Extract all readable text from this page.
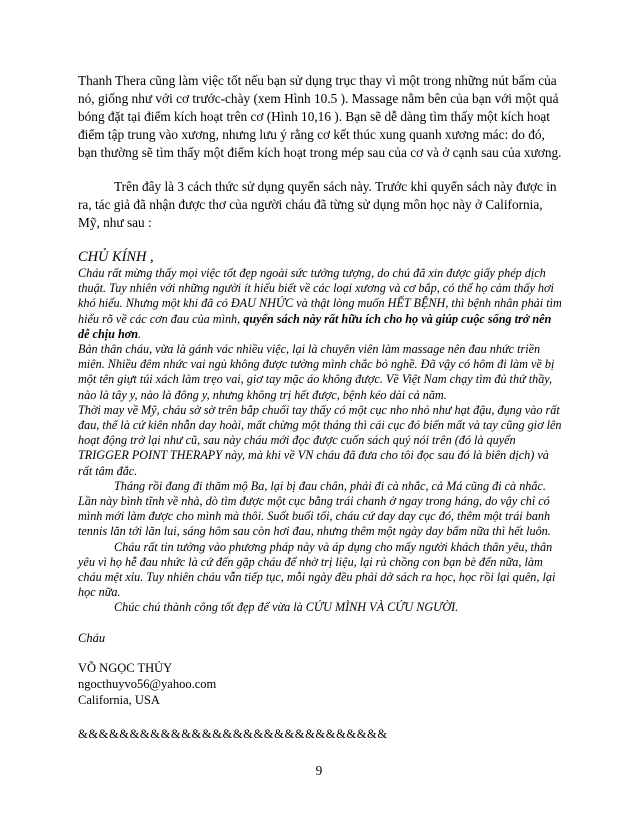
Thanh Thera cũng làm việc tốt nếu bạn sử dụng trục thay vì một trong những nút bấm của nó, giống như với cơ trước-chày (xem Hình 10.5 ). Massage nằm bên của bạn với một quả bóng đặt tại điểm kích hoạt trên cơ (Hình 10,16 ). Bạn sẽ dễ dàng tìm thấy một kích hoạt điểm tập trung vào xương, nhưng lưu ý rằng cơ kết thúc xung quanh xương mác: do đó, bạn thường sẽ tìm thấy một điểm kích hoạt trong mép sau của cơ và ở cạnh sau của xương.

Trên đây là 3 cách thức sử dụng quyển sách này. Trước khi quyển sách này được in ra, tác giả đã nhận được thơ của người cháu đã từng sử dụng môn học này ở California, Mỹ, như sau :

CHỦ KÍNH ,

Cháu rất mừng thấy mọi việc tốt đẹp ngoài sức tưởng tượng, do chú đã xin được giấy phép dịch thuật. Tuy nhiên với những người ít hiểu biết về các loại xương và cơ bắp, có thể họ cảm thấy hơi khó hiểu. Nhưng một khi đã có ĐAU NHỨC và thật lòng muốn HẾT BỆNH, thì bệnh nhân phải tìm hiểu rõ về các cơn đau của mình, quyển sách này rất hữu ích cho họ và giúp cuộc sống trở nên dễ chịu hơn.

Bản thân cháu, vừa là gánh vác nhiều việc, lại là chuyên viên làm massage nên đau nhức triền miên. Nhiều đêm nhức vai ngủ không được tưởng mình chắc bỏ nghề. Đã vậy có hôm đi làm về bị một tên giựt túi xách làm trẹo vai, giơ tay mặc áo không được. Về Việt Nam chạy tìm đủ thứ thầy, nào là tây y, nào là đông y, nhưng không trị hết được, bệnh kéo dài cả năm.

Thời may về Mỹ, cháu sờ sờ trên bắp chuối tay thấy có một cục nho nhỏ như hạt đậu, đụng vào rất đau, thế là cứ kiên nhẫn day hoài, mất chừng một tháng thì cái cục đó biến mất và tay cũng giơ lên hoạt động trở lại như cũ, sau này cháu mới đọc được cuốn sách quý nói trên (đó là quyển TRIGGER POINT THERAPY này, mà khi về VN cháu đã đưa cho tôi đọc sau đó là biên dịch) và rất tâm đắc.

Tháng rồi đang đi thăm mộ Ba, lại bị đau chân, phải đi cà nhắc, cả Má cũng đi cà nhắc. Lần này bình tĩnh về nhà, dò tìm được một cục bằng trái chanh ở ngay trong háng, do vậy chỉ có mình mới làm được cho mình mà thôi. Suốt buổi tối, cháu cứ day day cục đó, thêm một trái banh tennis lăn tới lăn lui, sáng hôm sau còn hơi đau, nhưng thêm một ngày day bấm nữa thì hết luôn.

Cháu rất tin tưởng vào phương pháp này và áp dụng cho mấy người khách thân yêu, thân yêu vì họ hễ đau nhức là cứ đến gặp cháu để nhờ trị liệu, lại rủ chồng con bạn bè đến nữa, làm cháu mệt xỉu. Tuy nhiên cháu vẫn tiếp tục, mỗi ngày đều phải dở sách ra học, học rồi lại quên, lại học nữa.

Chúc chú thành công tốt đẹp để vừa là CỨU MÌNH VÀ CỨU NGƯỜI.

Cháu
VÕ NGỌC THỦY
ngocthuyvo56@yahoo.com
California, USA
&&&&&&&&&&&&&&&&&&&&&&&&&&&&&&
9
